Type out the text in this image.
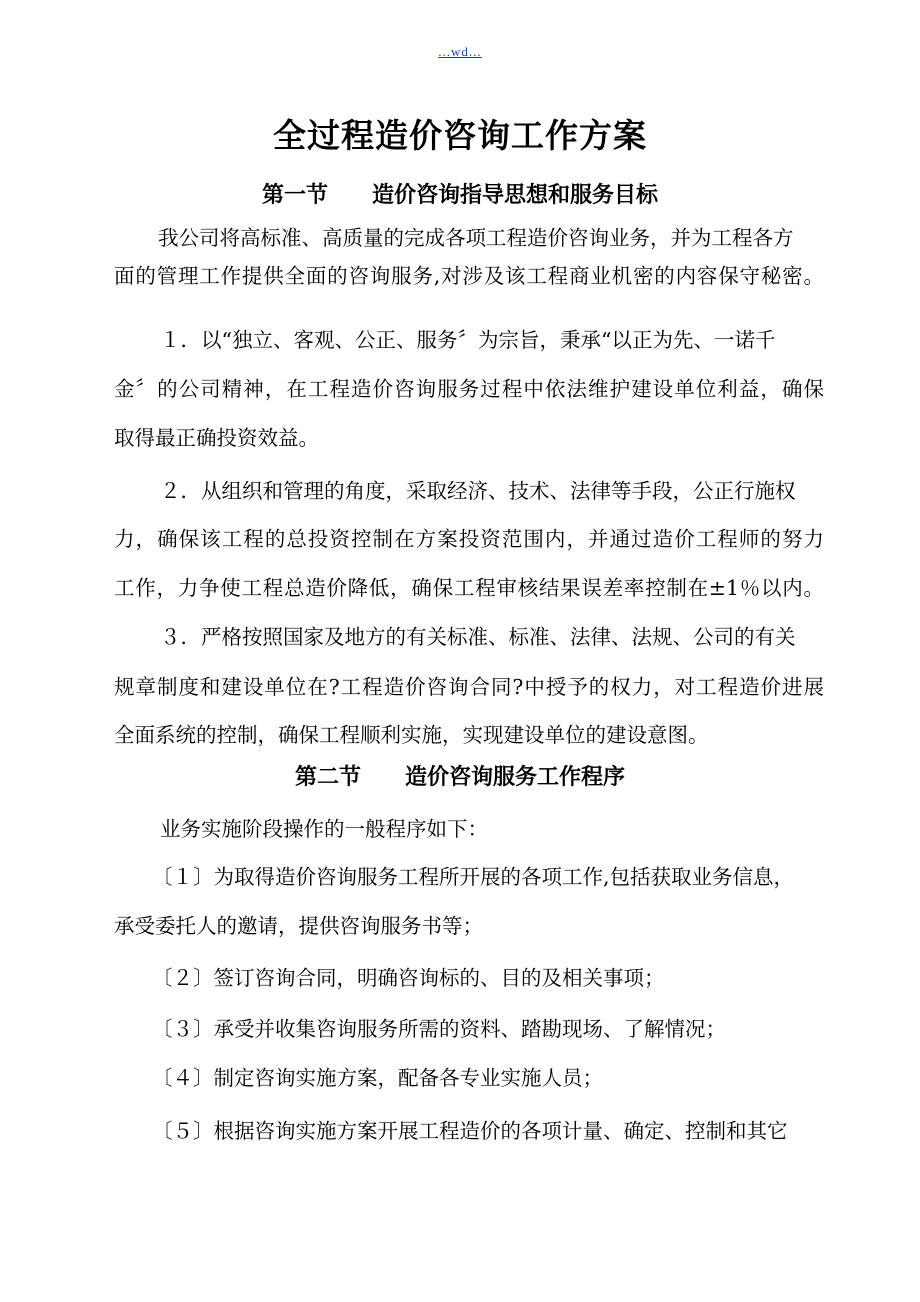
...wd...
全过程造价咨询工作方案
第一节　　造价咨询指导思想和服务目标
我公司将高标准、高质量的完成各项工程造价咨询业务，并为工程各方
面的管理工作提供全面的咨询服务,对涉及该工程商业机密的内容保守秘密。
１．以“独立、客观、公正、服务〞为宗旨，秉承“以正为先、一诺千
金〞的公司精神，在工程造价咨询服务过程中依法维护建设单位利益，确保
取得最正确投资效益。
２．从组织和管理的角度，采取经济、技术、法律等手段，公正行施权
力，确保该工程的总投资控制在方案投资范围内，并通过造价工程师的努力
工作，力争使工程总造价降低，确保工程审核结果误差率控制在±1％以内。
３．严格按照国家及地方的有关标准、标准、法律、法规、公司的有关
规章制度和建设单位在?工程造价咨询合同?中授予的权力，对工程造价进展
全面系统的控制，确保工程顺利实施，实现建设单位的建设意图。
第二节　　造价咨询服务工作程序
业务实施阶段操作的一般程序如下：
〔１〕为取得造价咨询服务工程所开展的各项工作,包括获取业务信息，
承受委托人的邀请，提供咨询服务书等；
〔２〕签订咨询合同，明确咨询标的、目的及相关事项；
〔３〕承受并收集咨询服务所需的资料、踏勘现场、了解情况；
〔４〕制定咨询实施方案，配备各专业实施人员；
〔５〕根据咨询实施方案开展工程造价的各项计量、确定、控制和其它
